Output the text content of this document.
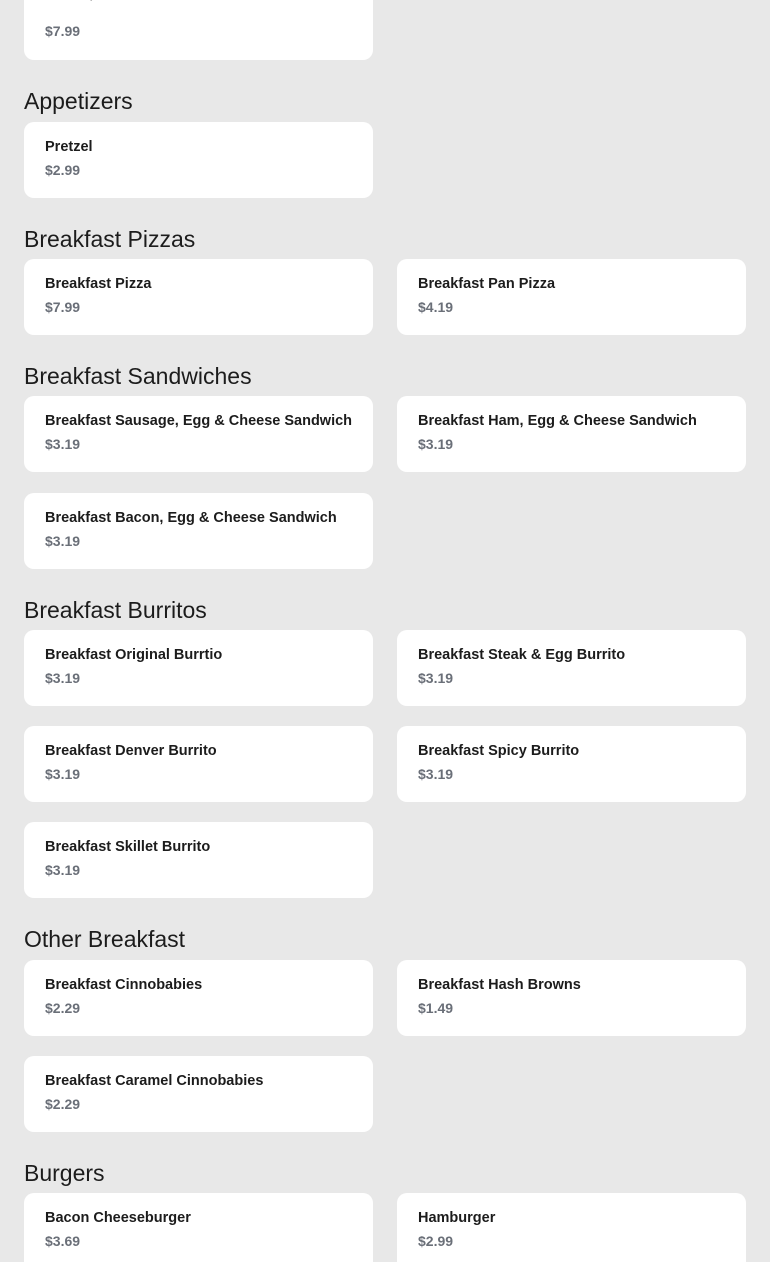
$7.99
Appetizers
Pretzel
$2.99
Breakfast Pizzas
Breakfast Pizza
$7.99
Breakfast Pan Pizza
$4.19
Breakfast Sandwiches
Breakfast Sausage, Egg & Cheese Sandwich
$3.19
Breakfast Ham, Egg & Cheese Sandwich
$3.19
Breakfast Bacon, Egg & Cheese Sandwich
$3.19
Breakfast Burritos
Breakfast Original Burrtio
$3.19
Breakfast Steak & Egg Burrito
$3.19
Breakfast Denver Burrito
$3.19
Breakfast Spicy Burrito
$3.19
Breakfast Skillet Burrito
$3.19
Other Breakfast
Breakfast Cinnobabies
$2.29
Breakfast Hash Browns
$1.49
Breakfast Caramel Cinnobabies
$2.29
Burgers
Bacon Cheeseburger
$3.69
Hamburger
$2.99
